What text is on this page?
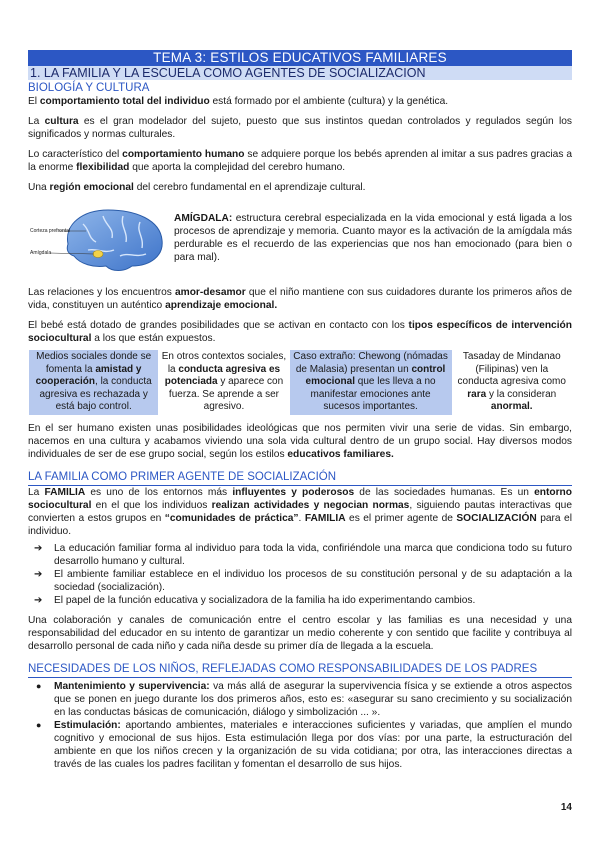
TEMA 3: ESTILOS EDUCATIVOS FAMILIARES
1. LA FAMILIA Y LA ESCUELA COMO AGENTES DE SOCIALIZACION
BIOLOGÍA Y CULTURA

El comportamiento total del individuo está formado por el ambiente (cultura) y la genética.

La cultura es el gran modelador del sujeto, puesto que sus instintos quedan controlados y regulados según los significados y normas culturales.

Lo característico del comportamiento humano se adquiere porque los bebés aprenden al imitar a sus padres gracias a la enorme flexibilidad que aporta la complejidad del cerebro humano.

Una región emocional del cerebro fundamental en el aprendizaje cultural.

Corteza prefrontal
Amígdala

AMÍGDALA: estructura cerebral especializada en la vida emocional y está ligada a los procesos de aprendizaje y memoria. Cuanto mayor es la activación de la amígdala más perdurable es el recuerdo de las experiencias que nos han emocionado (para bien o para mal).

Las relaciones y los encuentros amor-desamor que el niño mantiene con sus cuidadores durante los primeros años de vida, constituyen un auténtico aprendizaje emocional.

El bebé está dotado de grandes posibilidades que se activan en contacto con los tipos específicos de intervención sociocultural a los que están expuestos.

Medios sociales donde se fomenta la amistad y cooperación, la conducta agresiva es rechazada y está bajo control.	En otros contextos sociales, la conducta agresiva es potenciada y aparece con fuerza. Se aprende a ser agresivo.	Caso extraño: Chewong (nómadas de Malasia) presentan un control emocional que les lleva a no manifestar emociones ante sucesos importantes.	Tasaday de Mindanao (Filipinas) ven la conducta agresiva como rara y la consideran anormal.

En el ser humano existen unas posibilidades ideológicas que nos permiten vivir una serie de vidas. Sin embargo, nacemos en una cultura y acabamos viviendo una sola vida cultural dentro de un grupo social. Hay diversos modos individuales de ser de ese grupo social, según los estilos educativos familiares.

LA FAMILIA COMO PRIMER AGENTE DE SOCIALIZACIÓN

La FAMILIA es uno de los entornos más influyentes y poderosos de las sociedades humanas. Es un entorno sociocultural en el que los individuos realizan actividades y negocian normas, siguiendo pautas interactivas que convierten a estos grupos en “comunidades de práctica”. FAMILIA es el primer agente de SOCIALIZACIÓN para el individuo.

➔ La educación familiar forma al individuo para toda la vida, confiriéndole una marca que condiciona todo su futuro desarrollo humano y cultural.
➔ El ambiente familiar establece en el individuo los procesos de su constitución personal y de su adaptación a la sociedad (socialización).
➔ El papel de la función educativa y socializadora de la familia ha ido experimentando cambios.

Una colaboración y canales de comunicación entre el centro escolar y las familias es una necesidad y una responsabilidad del educador en su intento de garantizar un medio coherente y con sentido que facilite y contribuya al desarrollo personal de cada niño y cada niña desde su primer día de llegada a la escuela.

NECESIDADES DE LOS NIÑOS, REFLEJADAS COMO RESPONSABILIDADES DE LOS PADRES
● Mantenimiento y supervivencia: va más allá de asegurar la supervivencia física y se extiende a otros aspectos que se ponen en juego durante los dos primeros años, esto es: «asegurar su sano crecimiento y su socialización en las conductas básicas de comunicación, diálogo y simbolización ... ».
● Estimulación: aportando ambientes, materiales e interacciones suficientes y variadas, que amplíen el mundo cognitivo y emocional de sus hijos. Esta estimulación llega por dos vías: por una parte, la estructuración del ambiente en que los niños crecen y la organización de su vida cotidiana; por otra, las interacciones directas a través de las cuales los padres facilitan y fomentan el desarrollo de sus hijos.
14
